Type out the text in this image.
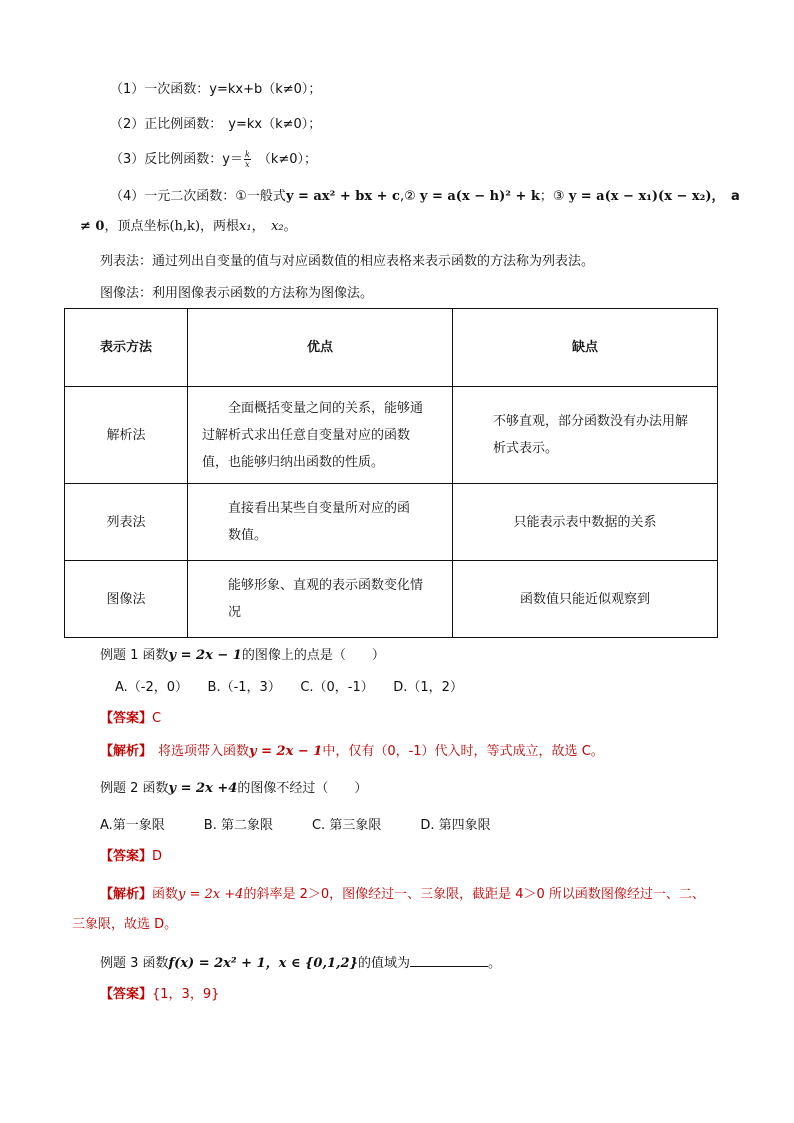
（1）一次函数：y=kx+b（k≠0）；
（2）正比例函数： y=kx（k≠0）；
（3）反比例函数：$y= \frac{k}{x} (k\ne 0)$；
（4）一元二次函数：①一般式y = ax² + bx + c,② y = a(x − h)² + k；③ y = a(x − x₁)(x − x₂)，　a
≠ 0，顶点坐标(h,k)，两根x₁，　x₂。
列表法：通过列出自变量的值与对应函数值的相应表格来表示函数的方法称为列表法。
图像法：利用图像表示函数的方法称为图像法。
表示方法	优点	缺点
解析法	全面概括变量之间的关系，能够通
过解析式求出任意自变量对应的函数
值，也能够归纳出函数的性质。	不够直观，部分函数没有办法用解
析式表示。

列表法	直接看出某些自变量所对应的函
数值。	只能表示表中数据的关系
图像法	能够形象、直观的表示函数变化情
况	函数值只能近似观察到
例题 1 函数y = 2x − 1的图像上的点是（　　）
A.（-2，0）　　B.（-1，3）　　C.（0，-1）　　D.（1，2）
【答案】C
【解析】 将选项带入函数y = 2x − 1中，仅有（0，-1）代入时，等式成立，故选 C。
例题 2 函数y = 2x +4的图像不经过（　　）
A.第一象限　　　B. 第二象限　　　C. 第三象限　　　D. 第四象限
【答案】D
【解析】函数y = 2x +4的斜率是 2＞0，图像经过一、三象限，截距是 4＞0 所以函数图像经过一、二、
三象限，故选 D。
例题 3 函数f(x) = 2x² + 1，x ∈ {0,1,2}的值域为	。
【答案】{1，3，9}
